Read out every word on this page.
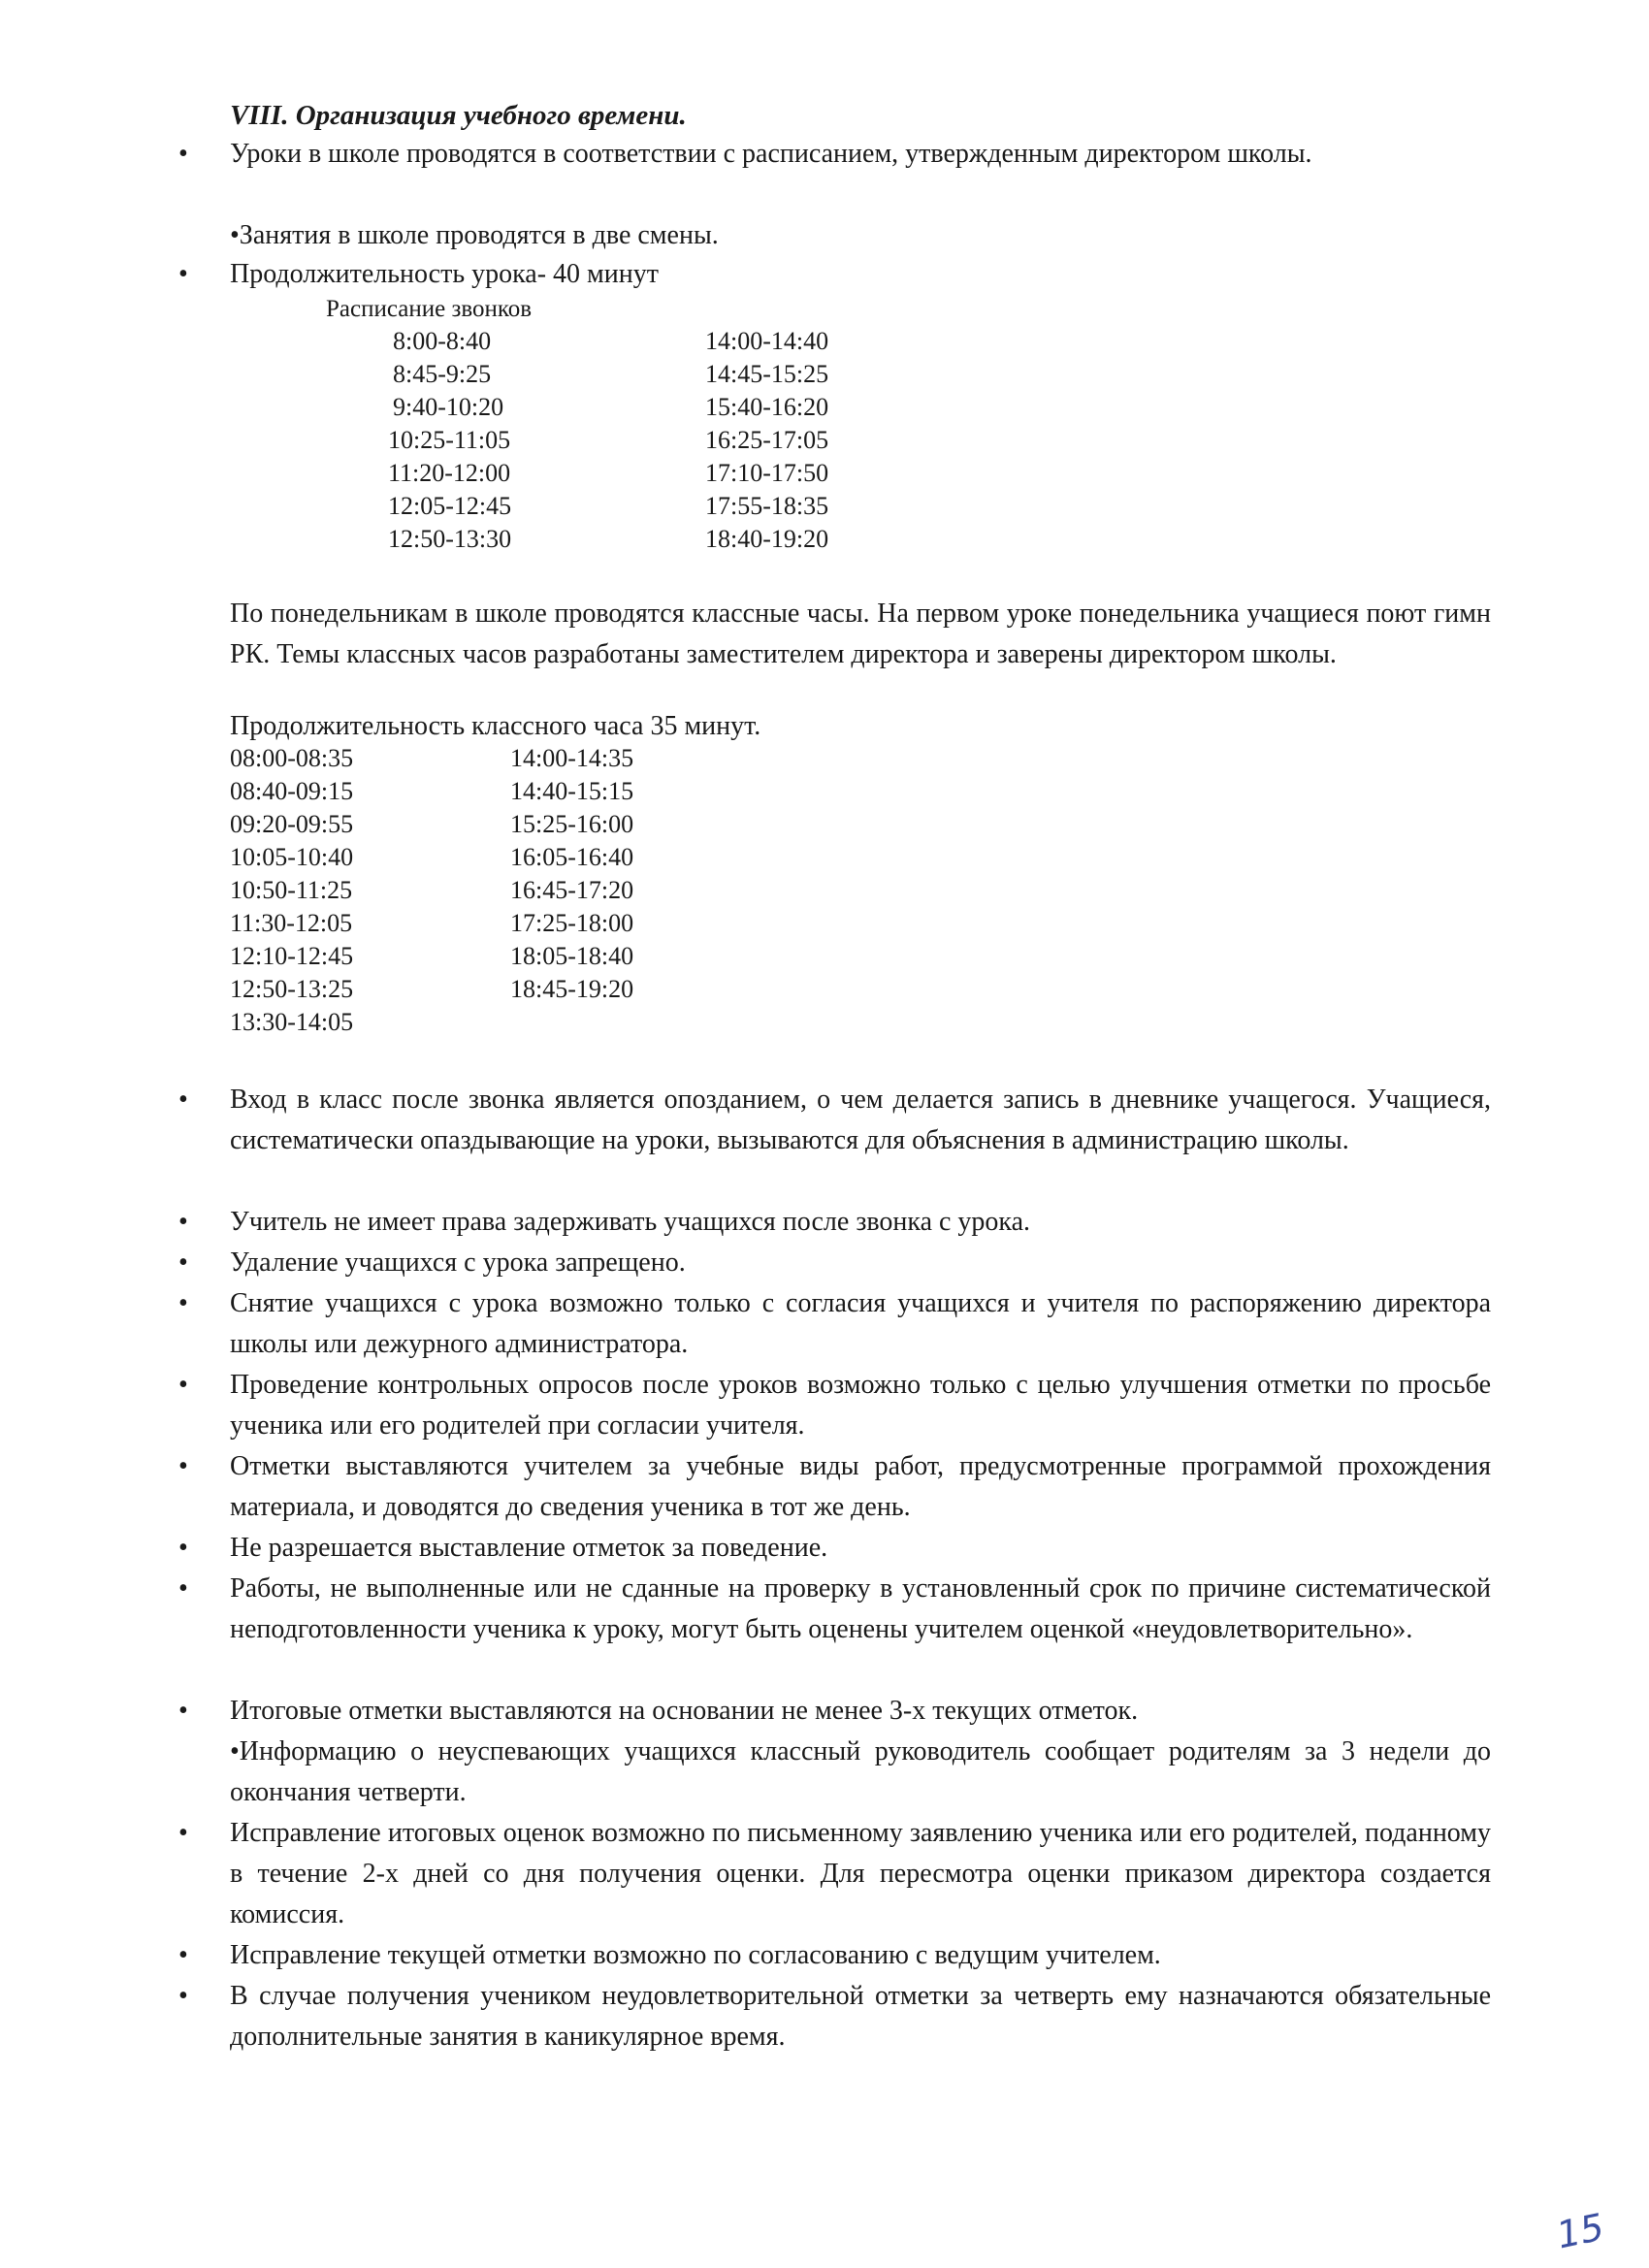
VIII. Организация учебного времени.
•
Уроки в школе проводятся в соответствии с расписанием, утвержденным директором школы.
•Занятия в школе проводятся в две смены.
•
Продолжительность урока- 40 минут
Расписание звонков
8:00-8:40
8:45-9:25
9:40-10:20
10:25-11:05
11:20-12:00
12:05-12:45
12:50-13:30
14:00-14:40
14:45-15:25
15:40-16:20
16:25-17:05
17:10-17:50
17:55-18:35
18:40-19:20
По понедельникам в школе проводятся классные часы. На первом уроке понедельника учащиеся поют гимн РК. Темы классных часов разработаны заместителем директора и заверены директором школы.
Продолжительность классного часа 35 минут.
08:00-08:35
08:40-09:15
09:20-09:55
10:05-10:40
10:50-11:25
11:30-12:05
12:10-12:45
12:50-13:25
13:30-14:05
14:00-14:35
14:40-15:15
15:25-16:00
16:05-16:40
16:45-17:20
17:25-18:00
18:05-18:40
18:45-19:20
•
Вход в класс после звонка является опозданием, о чем делается запись в дневнике учащегося. Учащиеся, систематически опаздывающие на уроки, вызываются для объяснения в администрацию школы.
•
Учитель не имеет права задерживать учащихся после звонка с урока.
•
Удаление учащихся с урока запрещено.
•
Снятие учащихся с урока возможно только с согласия учащихся и учителя по распоряжению директора школы или дежурного администратора.
•
Проведение контрольных опросов после уроков возможно только с целью улучшения отметки по просьбе ученика или его родителей при согласии учителя.
•
Отметки выставляются учителем за учебные виды работ, предусмотренные программой прохождения материала, и доводятся до сведения ученика в тот же день.
•
Не разрешается выставление отметок за поведение.
•
Работы, не выполненные или не сданные на проверку в установленный срок по причине систематической неподготовленности ученика к уроку, могут быть оценены учителем оценкой «неудовлетворительно».
•
Итоговые отметки выставляются на основании не менее 3-х текущих отметок.
•Информацию о неуспевающих учащихся классный руководитель сообщает родителям за 3 недели до окончания четверти.
•
Исправление итоговых оценок возможно по письменному заявлению ученика или его родителей, поданному в течение 2-х дней со дня получения оценки. Для пересмотра оценки приказом директора создается комиссия.
•
Исправление текущей отметки возможно по согласованию с ведущим учителем.
•
В случае получения учеником неудовлетворительной отметки за четверть ему назначаются обязательные дополнительные занятия в каникулярное время.
15
